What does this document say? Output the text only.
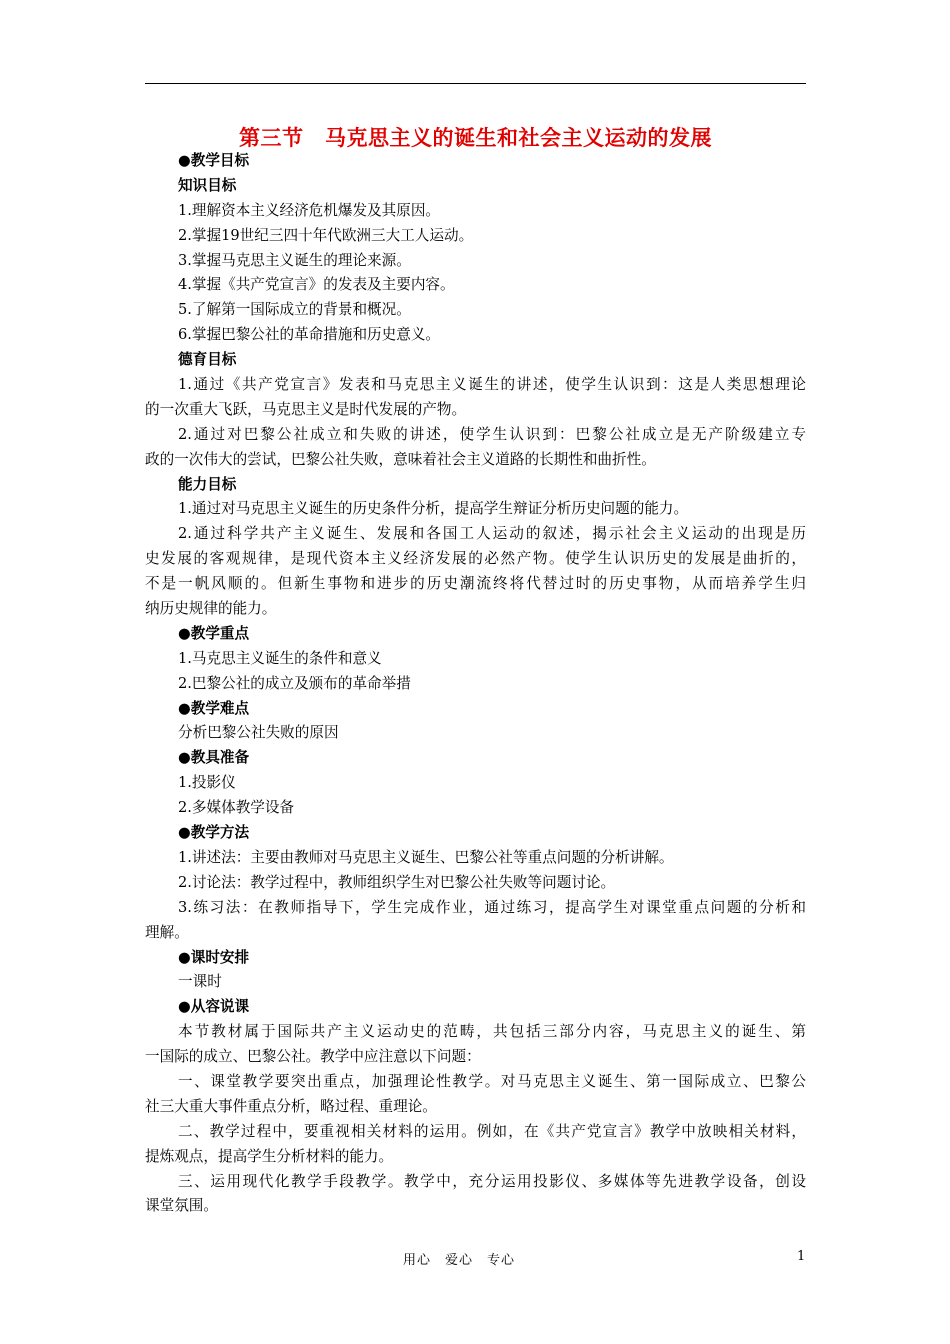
第三节　马克思主义的诞生和社会主义运动的发展
●教学目标
知识目标
1.理解资本主义经济危机爆发及其原因。
2.掌握19世纪三四十年代欧洲三大工人运动。
3.掌握马克思主义诞生的理论来源。
4.掌握《共产党宣言》的发表及主要内容。
5.了解第一国际成立的背景和概况。
6.掌握巴黎公社的革命措施和历史意义。
德育目标
1.通过《共产党宣言》发表和马克思主义诞生的讲述，使学生认识到：这是人类思想理论
的一次重大飞跃，马克思主义是时代发展的产物。
2.通过对巴黎公社成立和失败的讲述，使学生认识到：巴黎公社成立是无产阶级建立专
政的一次伟大的尝试，巴黎公社失败，意味着社会主义道路的长期性和曲折性。
能力目标
1.通过对马克思主义诞生的历史条件分析，提高学生辩证分析历史问题的能力。
2.通过科学共产主义诞生、发展和各国工人运动的叙述，揭示社会主义运动的出现是历
史发展的客观规律，是现代资本主义经济发展的必然产物。使学生认识历史的发展是曲折的，
不是一帆风顺的。但新生事物和进步的历史潮流终将代替过时的历史事物，从而培养学生归
纳历史规律的能力。
●教学重点
1.马克思主义诞生的条件和意义
2.巴黎公社的成立及颁布的革命举措
●教学难点
分析巴黎公社失败的原因
●教具准备
1.投影仪
2.多媒体教学设备
●教学方法
1.讲述法：主要由教师对马克思主义诞生、巴黎公社等重点问题的分析讲解。
2.讨论法：教学过程中，教师组织学生对巴黎公社失败等问题讨论。
3.练习法：在教师指导下，学生完成作业，通过练习，提高学生对课堂重点问题的分析和
理解。
●课时安排
一课时
●从容说课
本节教材属于国际共产主义运动史的范畴，共包括三部分内容，马克思主义的诞生、第
一国际的成立、巴黎公社。教学中应注意以下问题：
一、课堂教学要突出重点，加强理论性教学。对马克思主义诞生、第一国际成立、巴黎公
社三大重大事件重点分析，略过程、重理论。
二、教学过程中，要重视相关材料的运用。例如，在《共产党宣言》教学中放映相关材料，
提炼观点，提高学生分析材料的能力。
三、运用现代化教学手段教学。教学中，充分运用投影仪、多媒体等先进教学设备，创设
课堂氛围。
用心　爱心　专心	1
